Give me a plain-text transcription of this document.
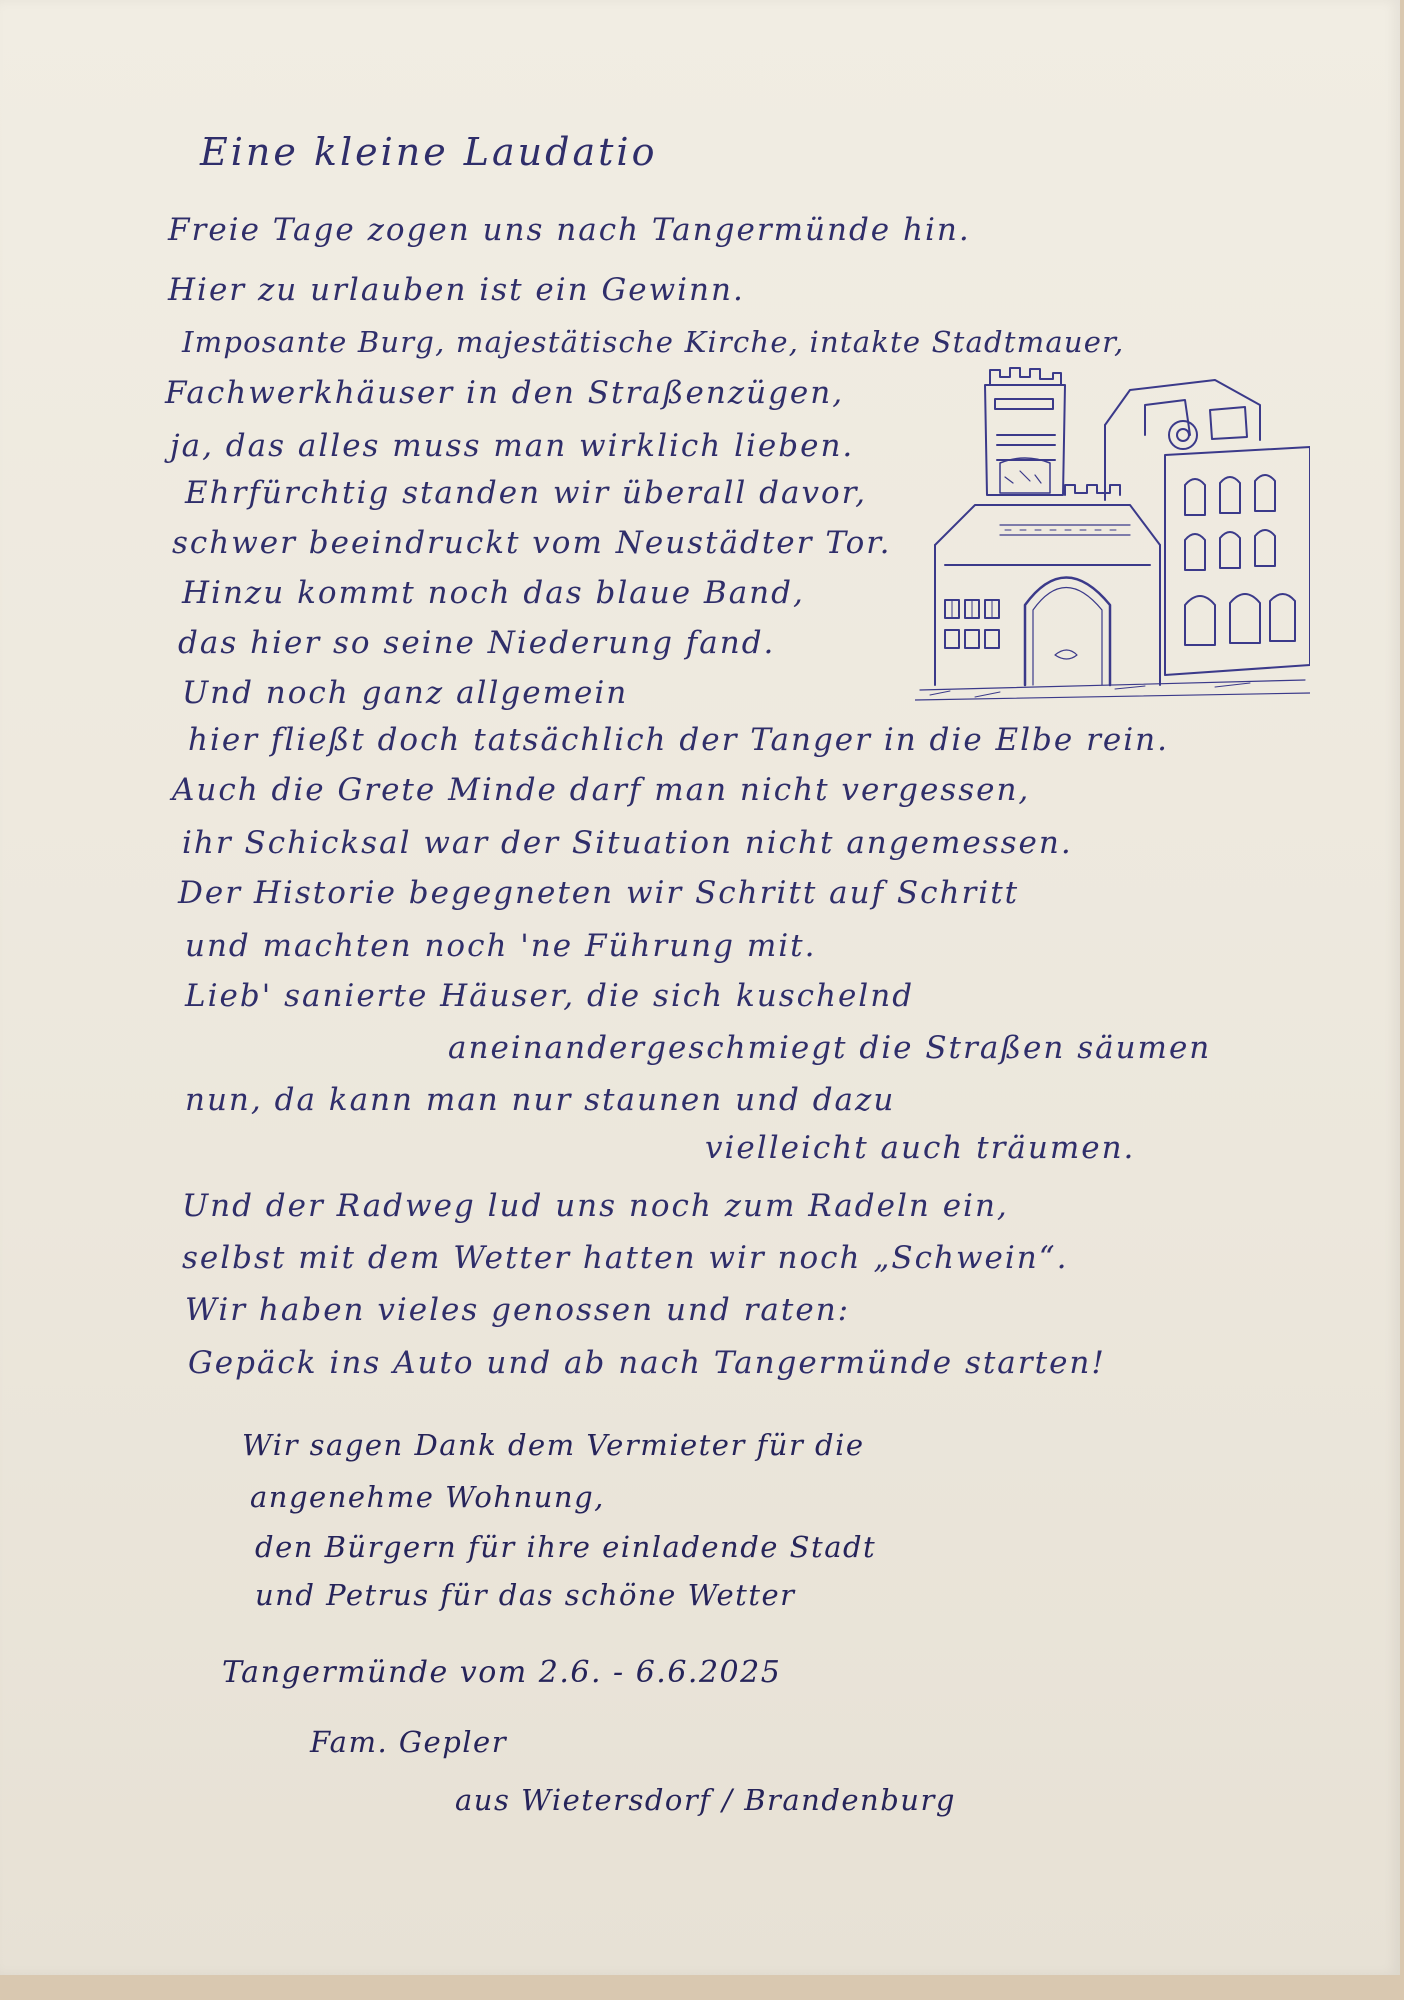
Eine kleine Laudatio
Freie Tage zogen uns nach Tangermünde hin.
Hier zu urlauben ist ein Gewinn.
Imposante Burg, majestätische Kirche, intakte Stadtmauer,
Fachwerkhäuser in den Straßenzügen,
ja, das alles muss man wirklich lieben.
Ehrfürchtig standen wir überall davor,
schwer beeindruckt vom Neustädter Tor.
Hinzu kommt noch das blaue Band,
das hier so seine Niederung fand.
Und noch ganz allgemein
hier fließt doch tatsächlich der Tanger in die Elbe rein.
Auch die Grete Minde darf man nicht vergessen,
ihr Schicksal war der Situation nicht angemessen.
Der Historie begegneten wir Schritt auf Schritt
und machten noch 'ne Führung mit.
Lieb' sanierte Häuser, die sich kuschelnd
aneinandergeschmiegt die Straßen säumen
nun, da kann man nur staunen und dazu
vielleicht auch träumen.
Und der Radweg lud uns noch zum Radeln ein,
selbst mit dem Wetter hatten wir noch „Schwein“.
Wir haben vieles genossen und raten:
Gepäck ins Auto und ab nach Tangermünde starten!
Wir sagen Dank dem Vermieter für die
angenehme Wohnung,
den Bürgern für ihre einladende Stadt
und Petrus für das schöne Wetter
Tangermünde vom 2.6. - 6.6.2025
Fam. Gepler
aus Wietersdorf / Brandenburg
